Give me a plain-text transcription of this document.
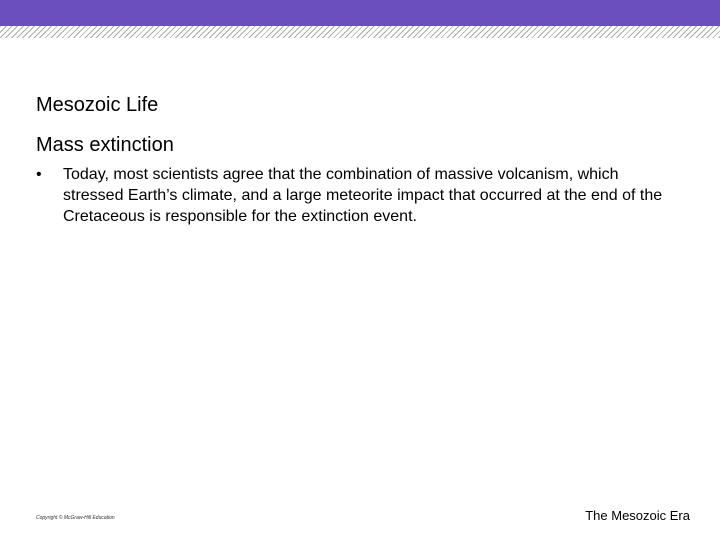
Mesozoic Life
Mass extinction
• Today, most scientists agree that the combination of massive volcanism, which stressed Earth’s climate, and a large meteorite impact that occurred at the end of the Cretaceous is responsible for the extinction event.
Copyright © McGraw-Hill Education	The Mesozoic Era
